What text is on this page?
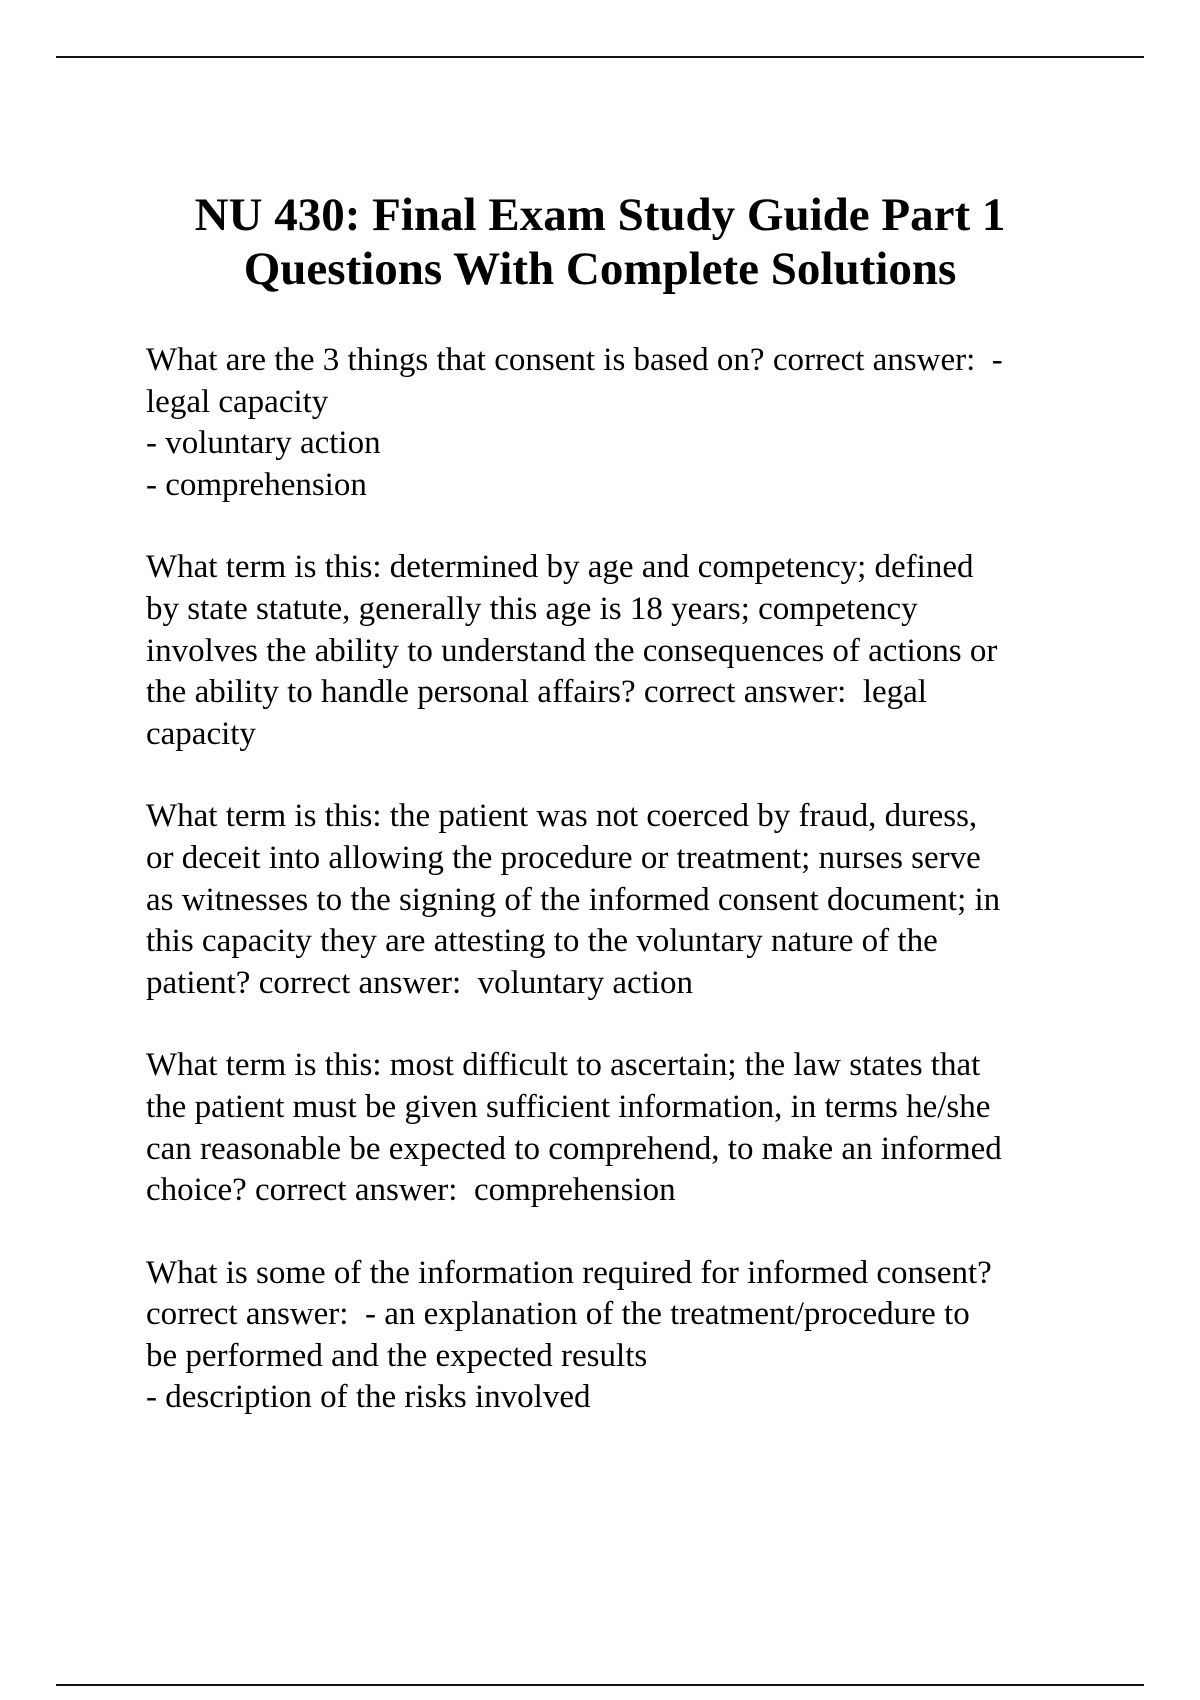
NU 430: Final Exam Study Guide Part 1
Questions With Complete Solutions

What are the 3 things that consent is based on? correct answer:  -
legal capacity
- voluntary action
- comprehension

What term is this: determined by age and competency; defined
by state statute, generally this age is 18 years; competency
involves the ability to understand the consequences of actions or
the ability to handle personal affairs? correct answer:  legal
capacity

What term is this: the patient was not coerced by fraud, duress,
or deceit into allowing the procedure or treatment; nurses serve
as witnesses to the signing of the informed consent document; in
this capacity they are attesting to the voluntary nature of the
patient? correct answer:  voluntary action

What term is this: most difficult to ascertain; the law states that
the patient must be given sufficient information, in terms he/she
can reasonable be expected to comprehend, to make an informed
choice? correct answer:  comprehension

What is some of the information required for informed consent?
correct answer:  - an explanation of the treatment/procedure to
be performed and the expected results
- description of the risks involved
